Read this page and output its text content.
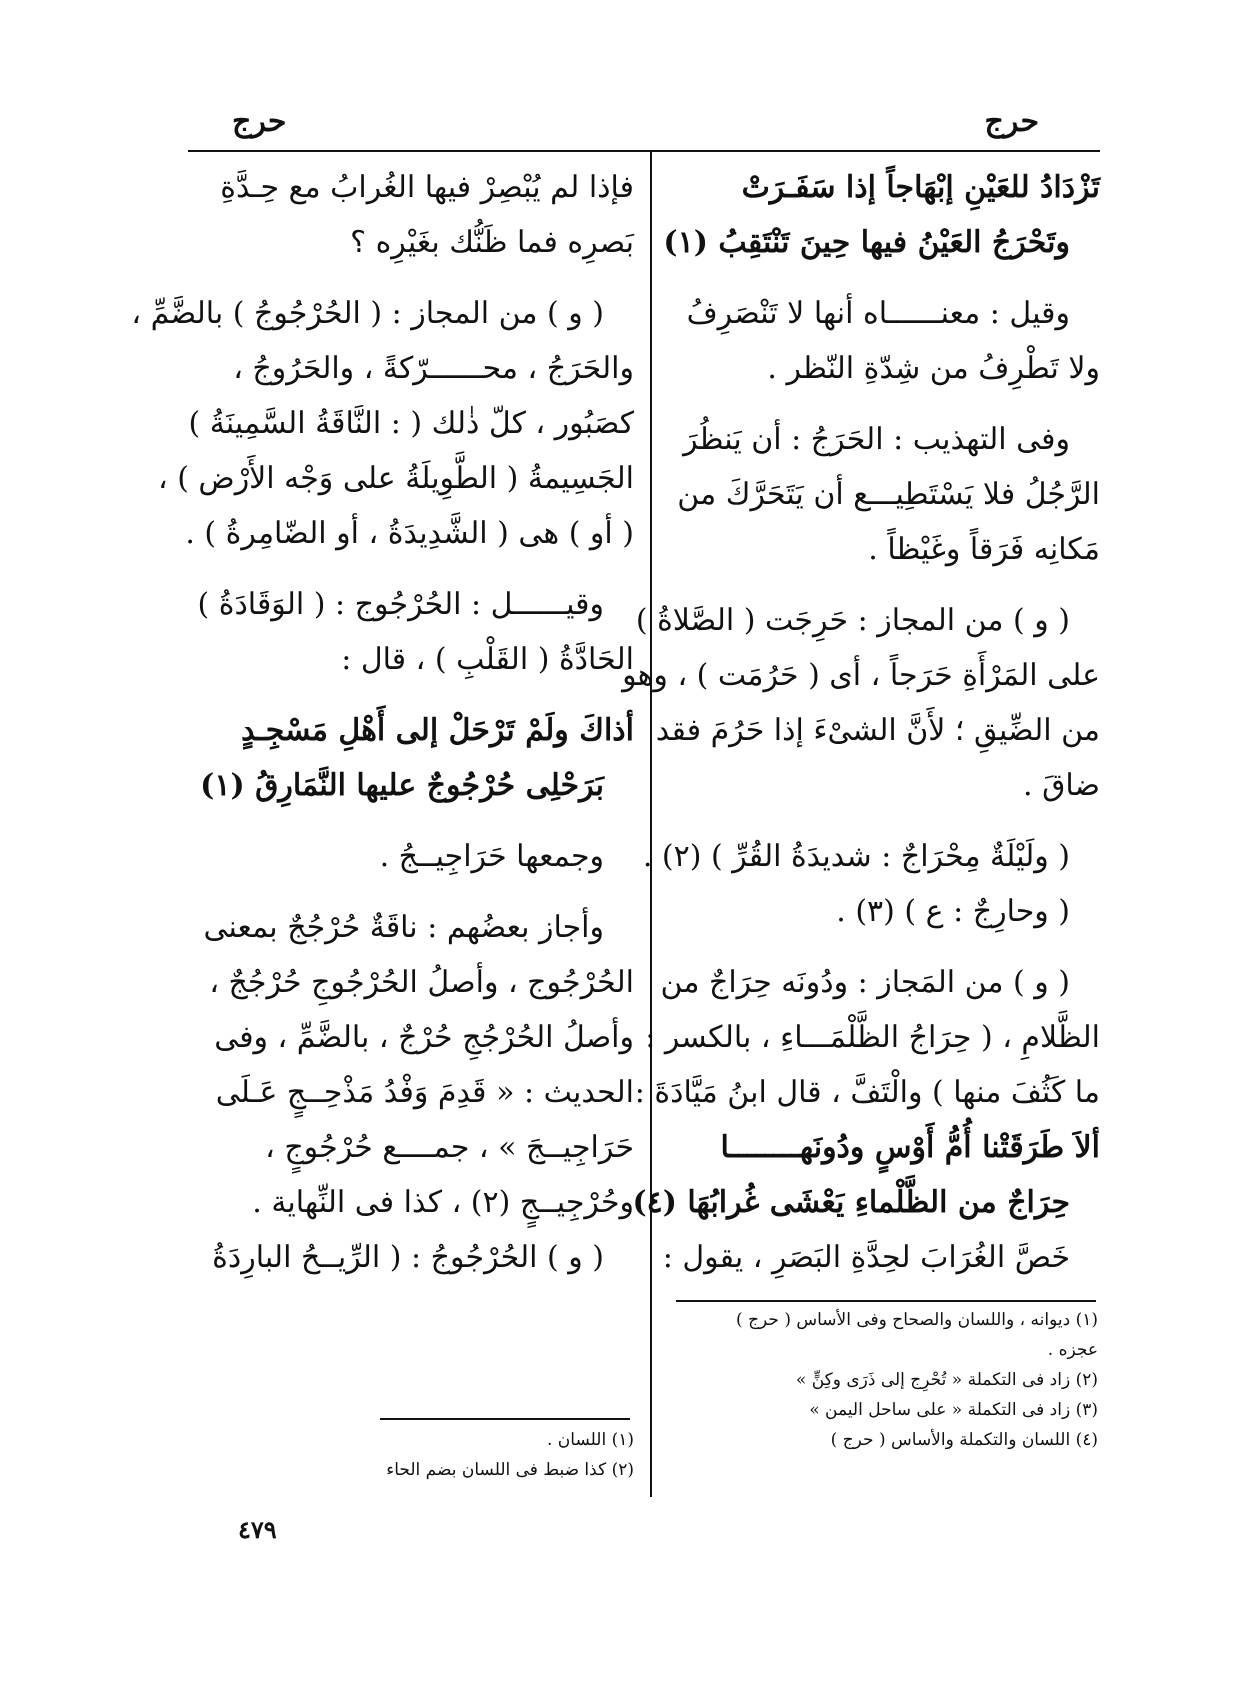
حرج
حرج
تَزْدَادُ للعَيْنِ إبْهَاجاً إذا سَفَـرَتْ
وتَحْرَجُ العَيْنُ فيها حِينَ تَنْتَقِبُ (١)
وقيل : معنــــــاه أنها لا تَنْصَرِفُ
ولا تَطْرِفُ من شِدّةِ النّظر .
وفى التهذيب : الحَرَجُ : أن يَنظُرَ
الرَّجُلُ فلا يَسْتَطِيـــع أن يَتَحَرَّكَ من
مَكانِه فَرَقاً وغَيْظاً .
( و ) من المجاز : حَرِجَت ( الصَّلاةُ )
على المَرْأَةِ حَرَجاً ، أى ( حَرُمَت ) ، وهو
من الضِّيقِ ؛ لأَنَّ الشىْءَ إذا حَرُمَ فقد
ضاقَ .
( ولَيْلَةٌ مِحْرَاجٌ : شديدَةُ القُرِّ ) (٢) .
( وحارِجٌ : ع ) (٣) .
( و ) من المَجاز : ودُونَه حِرَاجٌ من
الظَّلامِ ، ( حِرَاجُ الظَّلْمَـــاءِ ، بالكسر :
ما كَثُفَ منها ) والْتَفَّ ، قال ابنُ مَيَّادَةَ :
ألاَ طَرَقَتْنا أُمُّ أَوْسٍ ودُونَهــــــــا
حِرَاجٌ من الظَّلْماءِ يَعْشَى غُرابُهَا (٤)
خَصَّ الغُرَابَ لحِدَّةِ البَصَرِ ، يقول :
فإذا لم يُبْصِرْ فيها الغُرابُ مع حِـدَّةِ
بَصرِه فما ظَنُّك بغَيْرِه ؟
( و ) من المجاز : ( الحُرْجُوجُ ) بالضَّمِّ ،
والحَرَجُ ، محــــــرّكةً ، والحَرُوجُ ،
كصَبُور ، كلّ ذٰلك ( : النَّاقَةُ السَّمِينَةُ )
الجَسِيمةُ ( الطَّوِيلَةُ على وَجْه الأَرْض ) ،
( أو ) هى ( الشَّدِيدَةُ ، أو الضّامِرةُ ) .
وقيــــــل : الحُرْجُوج : ( الوَقَادَةُ )
الحَادَّةُ ( القَلْبِ ) ، قال :
أذاكَ ولَمْ تَرْحَلْ إلى أَهْلِ مَسْجِـدٍ
بَرَحْلِى حُرْجُوجٌ عليها النَّمَارِقُ (١)
وجمعها حَرَاجِيــجُ .
وأجاز بعضُهم : ناقَةٌ حُرْجُجٌ بمعنى
الحُرْجُوج ، وأصلُ الحُرْجُوجِ حُرْجُجٌ ،
وأصلُ الحُرْجُجِ حُرْجٌ ، بالضَّمِّ ، وفى
الحديث : « قَدِمَ وَفْدُ مَذْحِــجٍ عَـلَى
حَرَاجِيــجَ » ، جمــــع حُرْجُوجٍ ،
وحُرْجِيــجٍ (٢) ، كذا فى النِّهاية .
( و ) الحُرْجُوجُ : ( الرِّيــحُ البارِدَةُ
(١) ديوانه ، واللسان والصحاح وفى الأساس ( حرج )
عجزه .
(٢) زاد فى التكملة « تُحْرِج إلى ذَرَى وكِنٍّ »
(٣) زاد فى التكملة « على ساحل اليمن »
(٤) اللسان والتكملة والأساس ( حرج )
(١) اللسان .
(٢) كذا ضبط فى اللسان بضم الحاء
٤٧٩
